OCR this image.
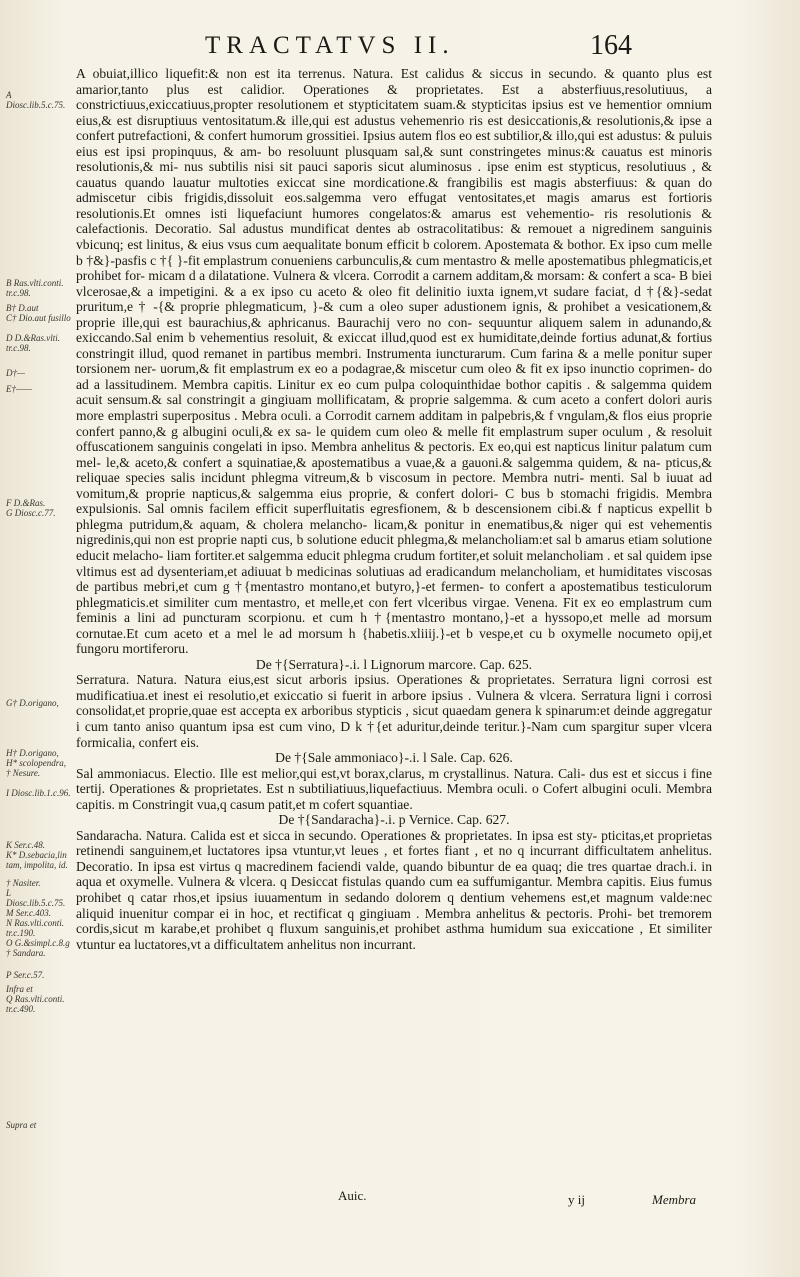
TRACTATVS II.	164
A Diosc.lib.5.c.75.
B Ras.vlti.conti.
tr.c.98.
B† D.aut
C† Dio.aut fusillo
D D.&Ras.vlti.
tr.c.98.
D†—
E†——
F D.&Ras.
G Diosc.c.77.
G† D.origano,
H† D.origano,
H* scolopendra,
† Nesure.
I Diosc.lib.1.c.96.
K Ser.c.48.
K* D.sebacia,lin
tam, impolita, id.
† Nasiter.
L Diosc.lib.5.c.75.
M Ser.c.403.
N Ras.vlti.conti.
tr.c.190.
O G.&simpl.c.8.g
† Sandara.
P Ser.c.57.
Infra et
Q Ras.vlti.conti.
tr.c.490.
Supra et

A obuiat,illico liquefit:& non est ita terrenus. Natura. Est calidus & siccus in secundo. & quanto plus est amarior,tanto plus est calidior. Operationes & proprietates. Est a absterfiuus,resolutiuus, a constrictiuus,exiccatiuus,propter resolutionem et stypticitatem suam.& stypticitas ipsius est ve hementior omnium eius,& est disruptiuus ventositatum.& ille,qui est adustus vehemenrio ris est desiccationis,& resolutionis,& ipse a confert putrefactioni, & confert humorum grossitiei. Ipsius autem flos eo est subtilior,& illo,qui est adustus: & puluis eius est ipsi propinquus, & am- bo resoluunt plusquam sal,& sunt constringetes minus:& cauatus est minoris resolutionis,& mi- nus subtilis nisi sit pauci saporis sicut aluminosus . ipse enim est stypticus, resolutiuus , & cauatus quando lauatur multoties exiccat sine mordicatione.& frangibilis est magis absterfiuus: & quan do admiscetur cibis frigidis,dissoluit eos.salgemma vero effugat ventositates,et magis amarus est fortioris resolutionis.Et omnes isti liquefaciunt humores congelatos:& amarus est vehementio- ris resolutionis & calefactionis. Decoratio. Sal adustus mundificat dentes ab ostracolitatibus: & remouet a nigredinem sanguinis vbicunq; est linitus, & eius vsus cum aequalitate bonum efficit b colorem. Apostemata & bothor. Ex ipso cum melle b †&}-pasfis c †{ }-fit emplastrum conueniens carbunculis,& cum mentastro & melle apostematibus phlegmaticis,et prohibet for- micam d a dilatatione. Vulnera & vlcera. Corrodit a carnem additam,& morsam: & confert a sca- B biei vlcerosae,& a impetigini. & a ex ipso cu aceto & oleo fit delinitio iuxta ignem,vt sudare faciat, d †{&}-sedat pruritum,e † -{& proprie phlegmaticum, }-& cum a oleo super adustionem ignis, & prohibet a vesicationem,& proprie ille,qui est baurachius,& aphricanus. Baurachij vero no con- sequuntur aliquem salem in adunando,& exiccando.Sal enim b vehementius resoluit, & exiccat illud,quod est ex humiditate,deinde fortius adunat,& fortius constringit illud, quod remanet in partibus membri. Instrumenta iuncturarum. Cum farina & a melle ponitur super torsionem ner- uorum,& fit emplastrum ex eo a podagrae,& miscetur cum oleo & fit ex ipso inunctio coprimen- do ad a lassitudinem. Membra capitis. Linitur ex eo cum pulpa coloquinthidae bothor capitis . & salgemma quidem acuit sensum.& sal constringit a gingiuam mollificatam, & proprie salgemma. & cum aceto a confert dolori auris more emplastri superpositus . Mebra oculi. a Corrodit carnem additam in palpebris,& f vngulam,& flos eius proprie confert panno,& g albugini oculi,& ex sa- le quidem cum oleo & melle fit emplastrum super oculum , & resoluit offuscationem sanguinis congelati in ipso. Membra anhelitus & pectoris. Ex eo,qui est napticus linitur palatum cum mel- le,& aceto,& confert a squinatiae,& apostematibus a vuae,& a gauoni.& salgemma quidem, & na- pticus,& reliquae species salis incidunt phlegma vitreum,& b viscosum in pectore. Membra nutri- menti. Sal b iuuat ad vomitum,& proprie napticus,& salgemma eius proprie, & confert dolori- C bus b stomachi frigidis. Membra expulsionis. Sal omnis facilem efficit superfluitatis egresfionem, & b descensionem cibi.& f napticus expellit b phlegma putridum,& aquam, & cholera melancho- licam,& ponitur in enematibus,& niger qui est vehementis nigredinis,qui non est proprie napti cus, b solutione educit phlegma,& melancholiam:et sal b amarus etiam solutione educit melacho- liam fortiter.et salgemma educit phlegma crudum fortiter,et soluit melancholiam . et sal quidem ipse vltimus est ad dysenteriam,et adiuuat b medicinas solutiuas ad eradicandum melancholiam, et humiditates viscosas de partibus mebri,et cum g †{mentastro montano,et butyro,}-et fermen- to confert a apostematibus testiculorum phlegmaticis.et similiter cum mentastro, et melle,et con fert vlceribus virgae. Venena. Fit ex eo emplastrum cum feminis a lini ad puncturam scorpionu. et cum h †{mentastro montano,}-et a hyssopo,et melle ad morsum cornutae.Et cum aceto et a mel le ad morsum h {habetis.xliiij.}-et b vespe,et cu b oxymelle nocumeto opij,et fungoru mortiferoru.

De †{Serratura}-.i. l Lignorum marcore. Cap. 625.

Serratura. Natura. Natura eius,est sicut arboris ipsius. Operationes & proprietates. Serratura ligni corrosi est mudificatiua.et inest ei resolutio,et exiccatio si fuerit in arbore ipsius . Vulnera & vlcera. Serratura ligni i corrosi consolidat,et proprie,quae est accepta ex arboribus stypticis , sicut quaedam genera k spinarum:et deinde aggregatur i cum tanto aniso quantum ipsa est cum vino, D k †{et aduritur,deinde teritur.}-Nam cum spargitur super vlcera formicalia, confert eis.

De †{Sale ammoniaco}-.i. l Sale. Cap. 626.

Sal ammoniacus. Electio. Ille est melior,qui est,vt borax,clarus, m crystallinus. Natura. Cali- dus est et siccus i fine tertij. Operationes & proprietates. Est n subtiliatiuus,liquefactiuus. Membra oculi. o Cofert albugini oculi. Membra capitis. m Constringit vua,q casum patit,et m cofert squantiae.

De †{Sandaracha}-.i. p Vernice. Cap. 627.

Sandaracha. Natura. Calida est et sicca in secundo. Operationes & proprietates. In ipsa est sty- pticitas,et proprietas retinendi sanguinem,et luctatores ipsa vtuntur,vt leues , et fortes fiant , et no q incurrant difficultatem anhelitus. Decoratio. In ipsa est virtus q macredinem faciendi valde, quando bibuntur de ea quaq; die tres quartae drach.i. in aqua et oxymelle. Vulnera & vlcera. q Desiccat fistulas quando cum ea suffumigantur. Membra capitis. Eius fumus prohibet q catar rhos,et ipsius iuuamentum in sedando dolorem q dentium vehemens est,et magnum valde:nec aliquid inuenitur compar ei in hoc, et rectificat q gingiuam . Membra anhelitus & pectoris. Prohi- bet tremorem cordis,sicut m karabe,et prohibet q fluxum sanguinis,et prohibet asthma humidum sua exiccatione , Et similiter vtuntur ea luctatores,vt a difficultatem anhelitus non incurrant.

Auic.	y ij	Membra
